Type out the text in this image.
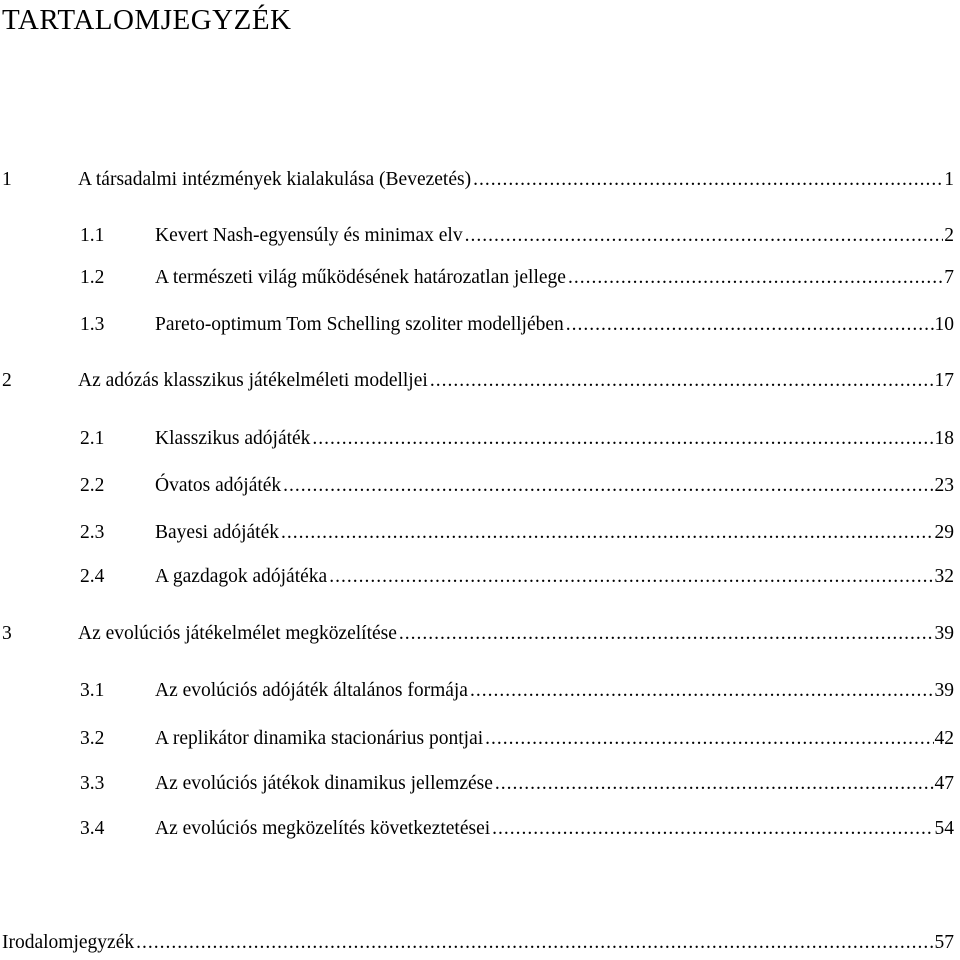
TARTALOMJEGYZÉK
1	A társadalmi intézmények kialakulása (Bevezetés) .....	1
1.1	Kevert Nash-egyensúly és minimax elv .....	2
1.2	A természeti világ működésének határozatlan jellege .....	7
1.3	Pareto-optimum Tom Schelling szoliter modelljében .....	10
2	Az adózás klasszikus játékelméleti modelljei .....	17
2.1	Klasszikus adójáték .....	18
2.2	Óvatos adójáték .....	23
2.3	Bayesi adójáték .....	29
2.4	A gazdagok adójátéka .....	32
3	Az evolúciós játékelmélet megközelítése .....	39
3.1	Az evolúciós adójáték általános formája .....	39
3.2	A replikátor dinamika stacionárius pontjai .....	42
3.3	Az evolúciós játékok dinamikus jellemzése .....	47
3.4	Az evolúciós megközelítés következtetései .....	54
Irodalomjegyzék .....	57
